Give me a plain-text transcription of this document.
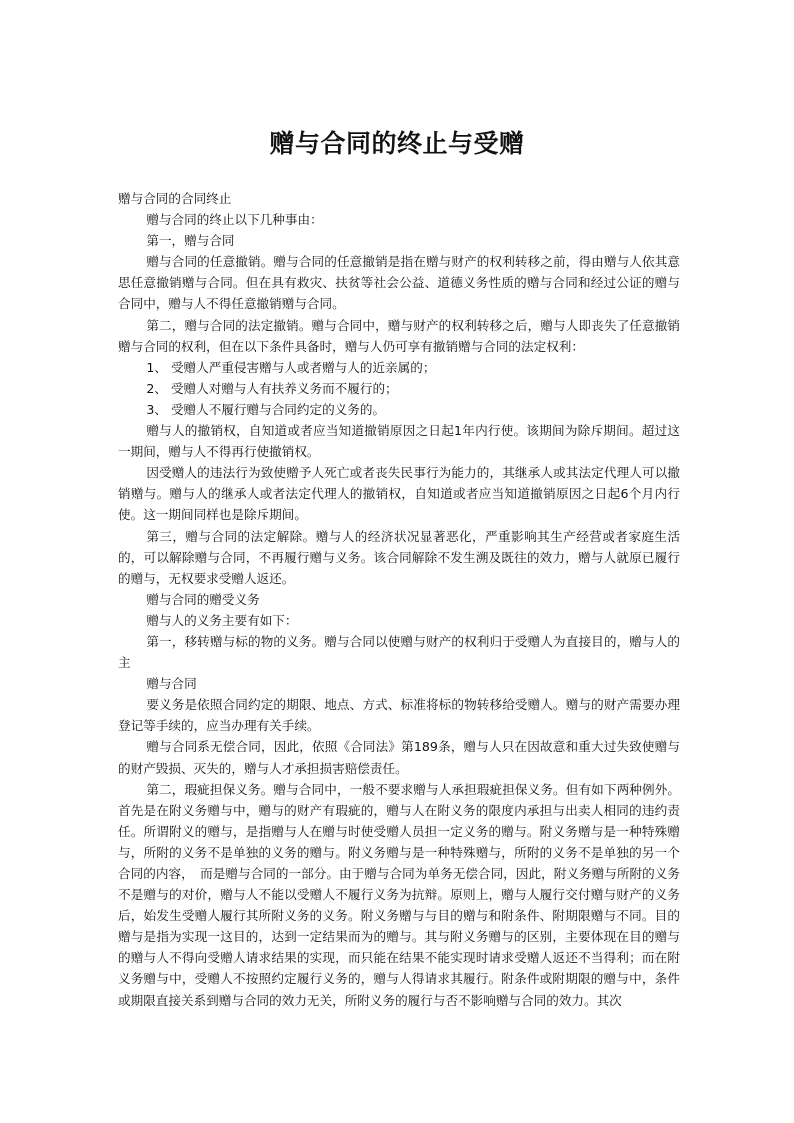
赠与合同的终止与受赠

赠与合同的合同终止

赠与合同的终止以下几种事由：

第一，赠与合同

赠与合同的任意撤销。赠与合同的任意撤销是指在赠与财产的权利转移之前，得由赠与人依其意思任意撤销赠与合同。但在具有救灾、扶贫等社会公益、道德义务性质的赠与合同和经过公证的赠与合同中，赠与人不得任意撤销赠与合同。

第二，赠与合同的法定撤销。赠与合同中，赠与财产的权利转移之后，赠与人即丧失了任意撤销赠与合同的权利，但在以下条件具备时，赠与人仍可享有撤销赠与合同的法定权利：

1、 受赠人严重侵害赠与人或者赠与人的近亲属的；

2、 受赠人对赠与人有扶养义务而不履行的；

3、 受赠人不履行赠与合同约定的义务的。

赠与人的撤销权，自知道或者应当知道撤销原因之日起1年内行使。该期间为除斥期间。超过这一期间，赠与人不得再行使撤销权。

因受赠人的违法行为致使赠予人死亡或者丧失民事行为能力的，其继承人或其法定代理人可以撤销赠与。赠与人的继承人或者法定代理人的撤销权，自知道或者应当知道撤销原因之日起6个月内行使。这一期间同样也是除斥期间。

第三，赠与合同的法定解除。赠与人的经济状况显著恶化，严重影响其生产经营或者家庭生活的，可以解除赠与合同，不再履行赠与义务。该合同解除不发生溯及既往的效力，赠与人就原已履行的赠与，无权要求受赠人返还。

赠与合同的赠受义务

赠与人的义务主要有如下：

第一，移转赠与标的物的义务。赠与合同以使赠与财产的权利归于受赠人为直接目的，赠与人的主

赠与合同

要义务是依照合同约定的期限、地点、方式、标准将标的物转移给受赠人。赠与的财产需要办理登记等手续的，应当办理有关手续。

赠与合同系无偿合同，因此，依照《合同法》第189条，赠与人只在因故意和重大过失致使赠与的财产毁损、灭失的，赠与人才承担损害赔偿责任。

第二，瑕疵担保义务。赠与合同中，一般不要求赠与人承担瑕疵担保义务。但有如下两种例外。首先是在附义务赠与中，赠与的财产有瑕疵的，赠与人在附义务的限度内承担与出卖人相同的违约责任。所谓附义的赠与，是指赠与人在赠与时使受赠人员担一定义务的赠与。附义务赠与是一种特殊赠与，所附的义务不是单独的义务的赠与。附义务赠与是一种特殊赠与，所附的义务不是单独的另一个合同的内容，　而是赠与合同的一部分。由于赠与合同为单务无偿合同，因此，附义务赠与所附的义务不是赠与的对价，赠与人不能以受赠人不履行义务为抗辩。原则上，赠与人履行交付赠与财产的义务后，始发生受赠人履行其所附义务的义务。附义务赠与与目的赠与和附条件、附期限赠与不同。目的赠与是指为实现一这目的，达到一定结果而为的赠与。其与附义务赠与的区别，主要体现在目的赠与的赠与人不得向受赠人请求结果的实现，而只能在结果不能实现时请求受赠人返还不当得利；而在附义务赠与中，受赠人不按照约定履行义务的，赠与人得请求其履行。附条件或附期限的赠与中，条件或期限直接关系到赠与合同的效力无关，所附义务的履行与否不影响赠与合同的效力。其次
